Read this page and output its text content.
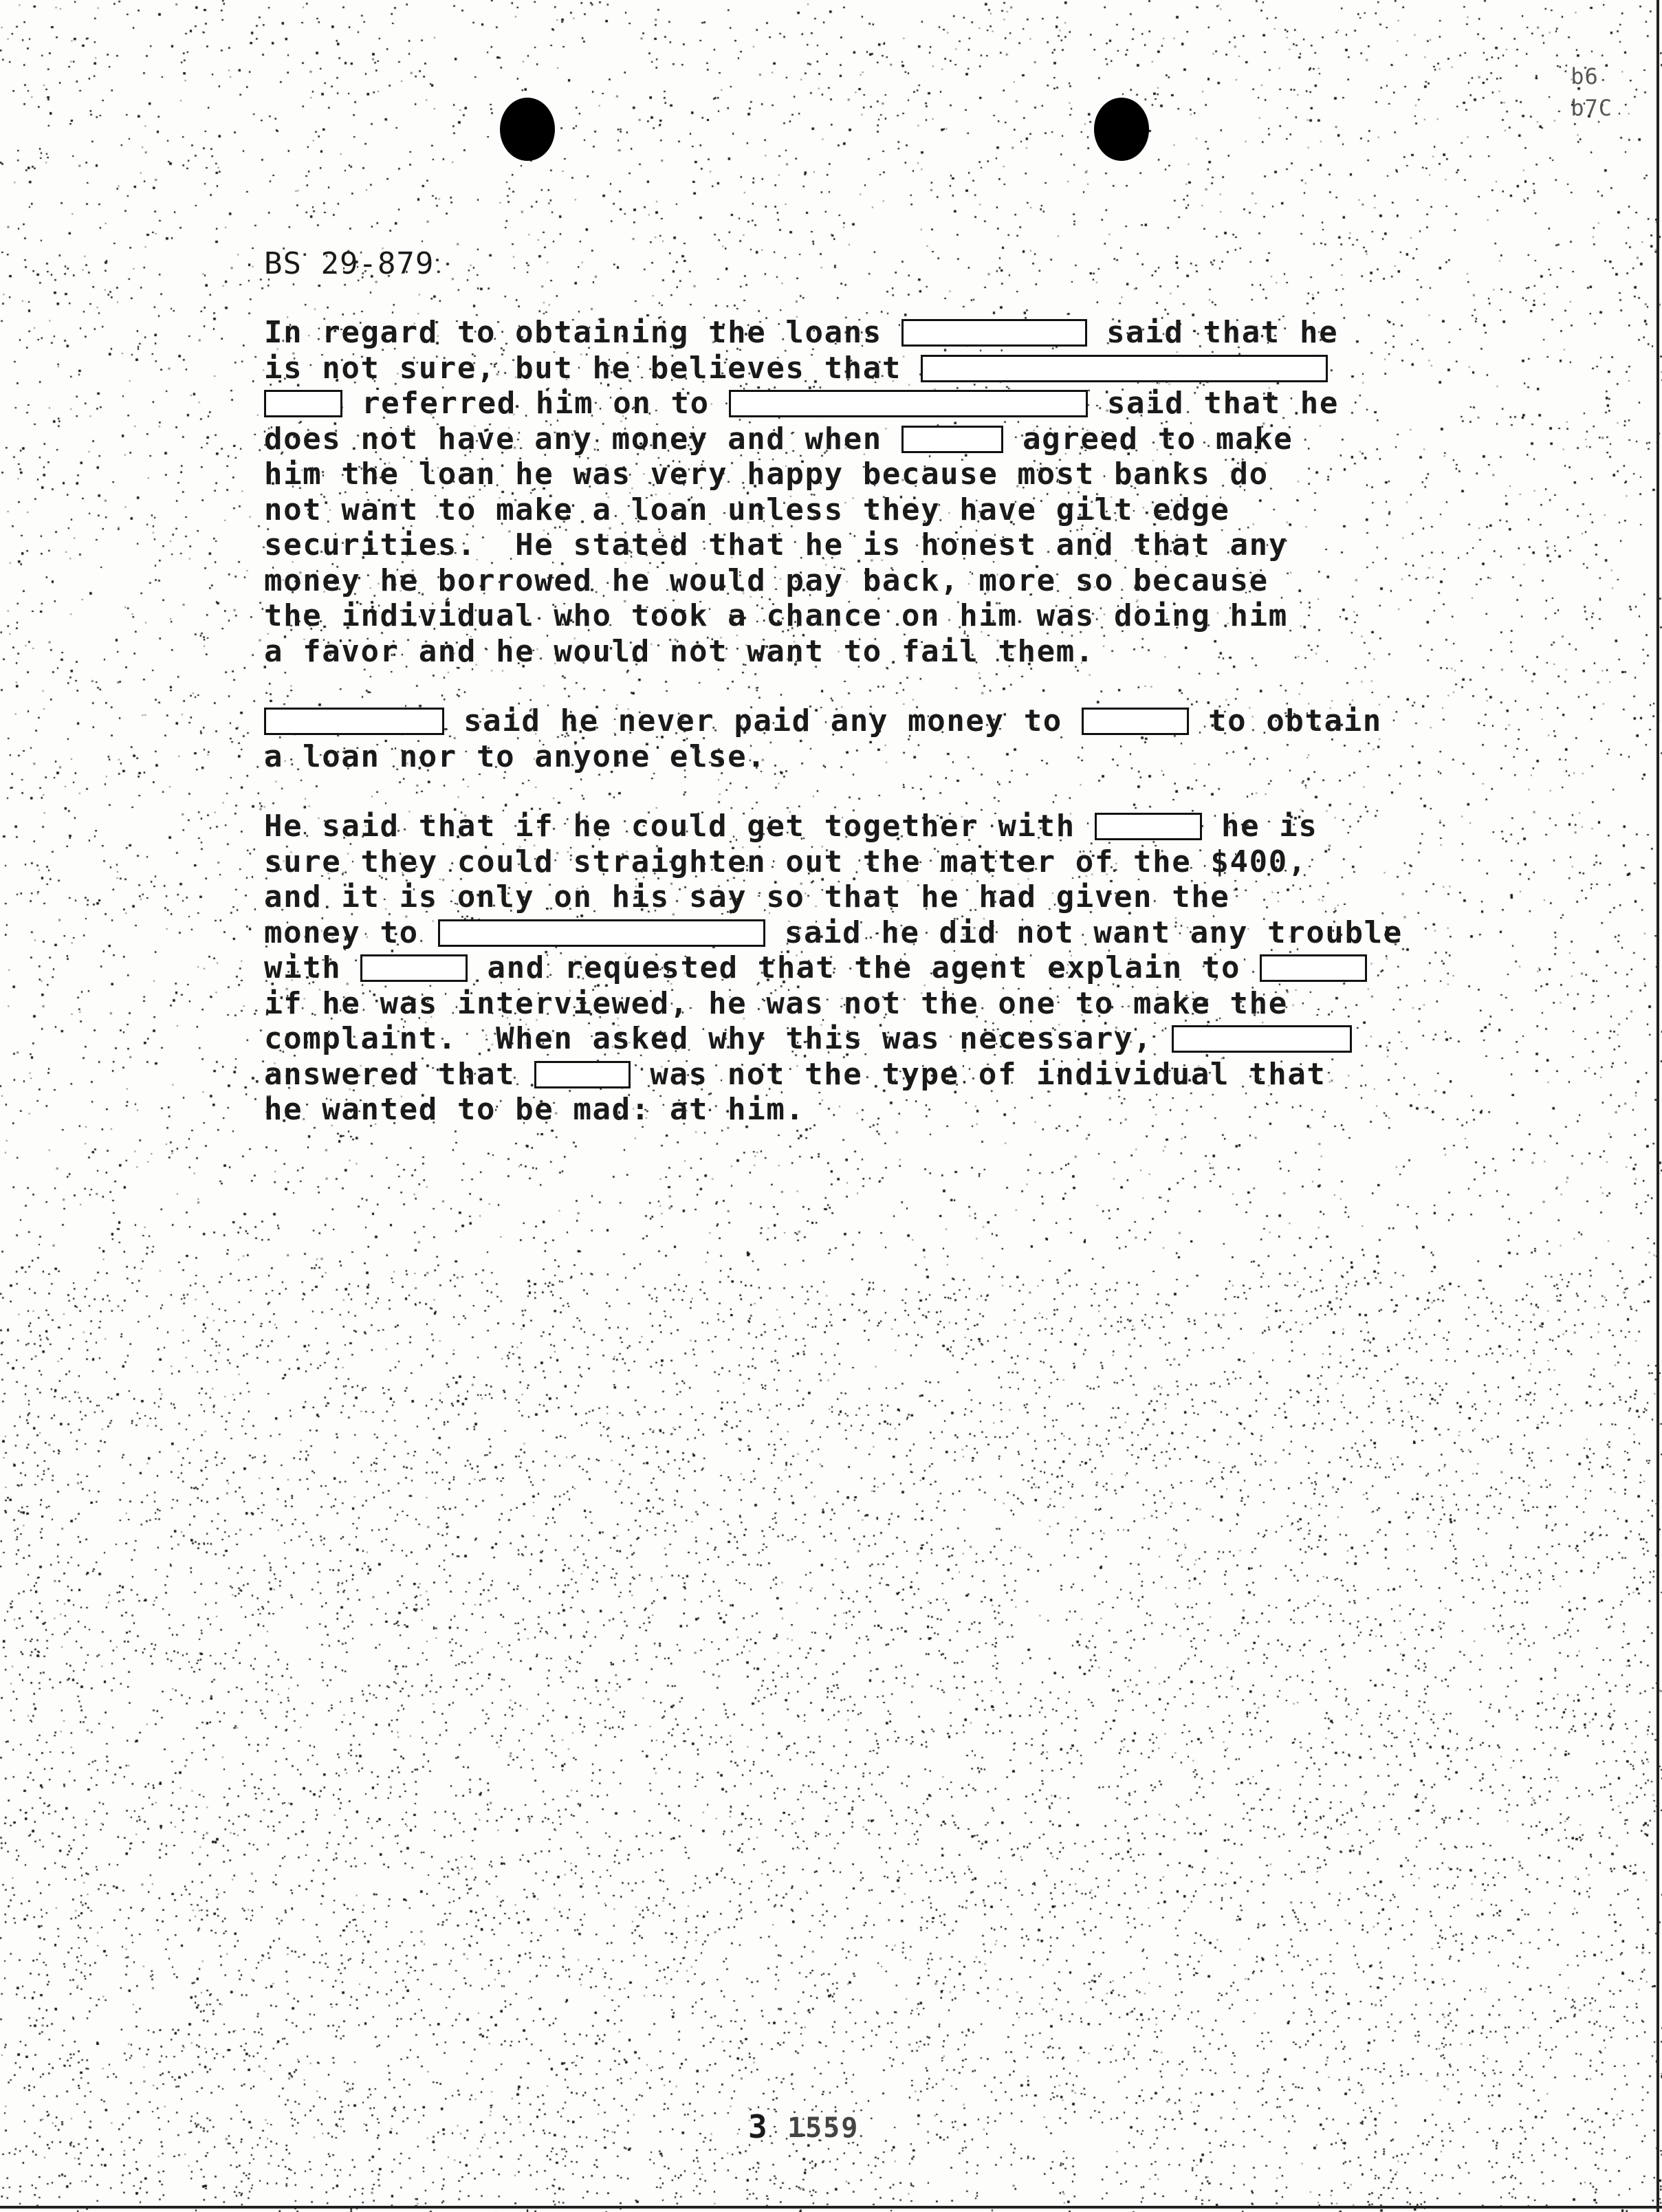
b6
b7C
BS 29-879
In regard to obtaining the loans	said that he
is not sure, but he believes that
referred him on to	said that he
does not have any money and when	agreed to make
him the loan he was very happy because most banks do
not want to make a loan unless they have gilt edge
securities.  He stated that he is honest and that any
money he borrowed he would pay back, more so because
the individual who took a chance on him was doing him
a favor and he would not want to fail them.
said he never paid any money to	to obtain
a loan nor to anyone else.
He said that if he could get together with	he is
sure they could straighten out the matter of the $400,
and it is only on his say so that he had given the
money to	said he did not want any trouble
with	and requested that the agent explain to
if he was interviewed, he was not the one to make the
complaint.  When asked why this was necessary,
answered that	was not the type of individual that
he wanted to be mad: at him.
3 1559
